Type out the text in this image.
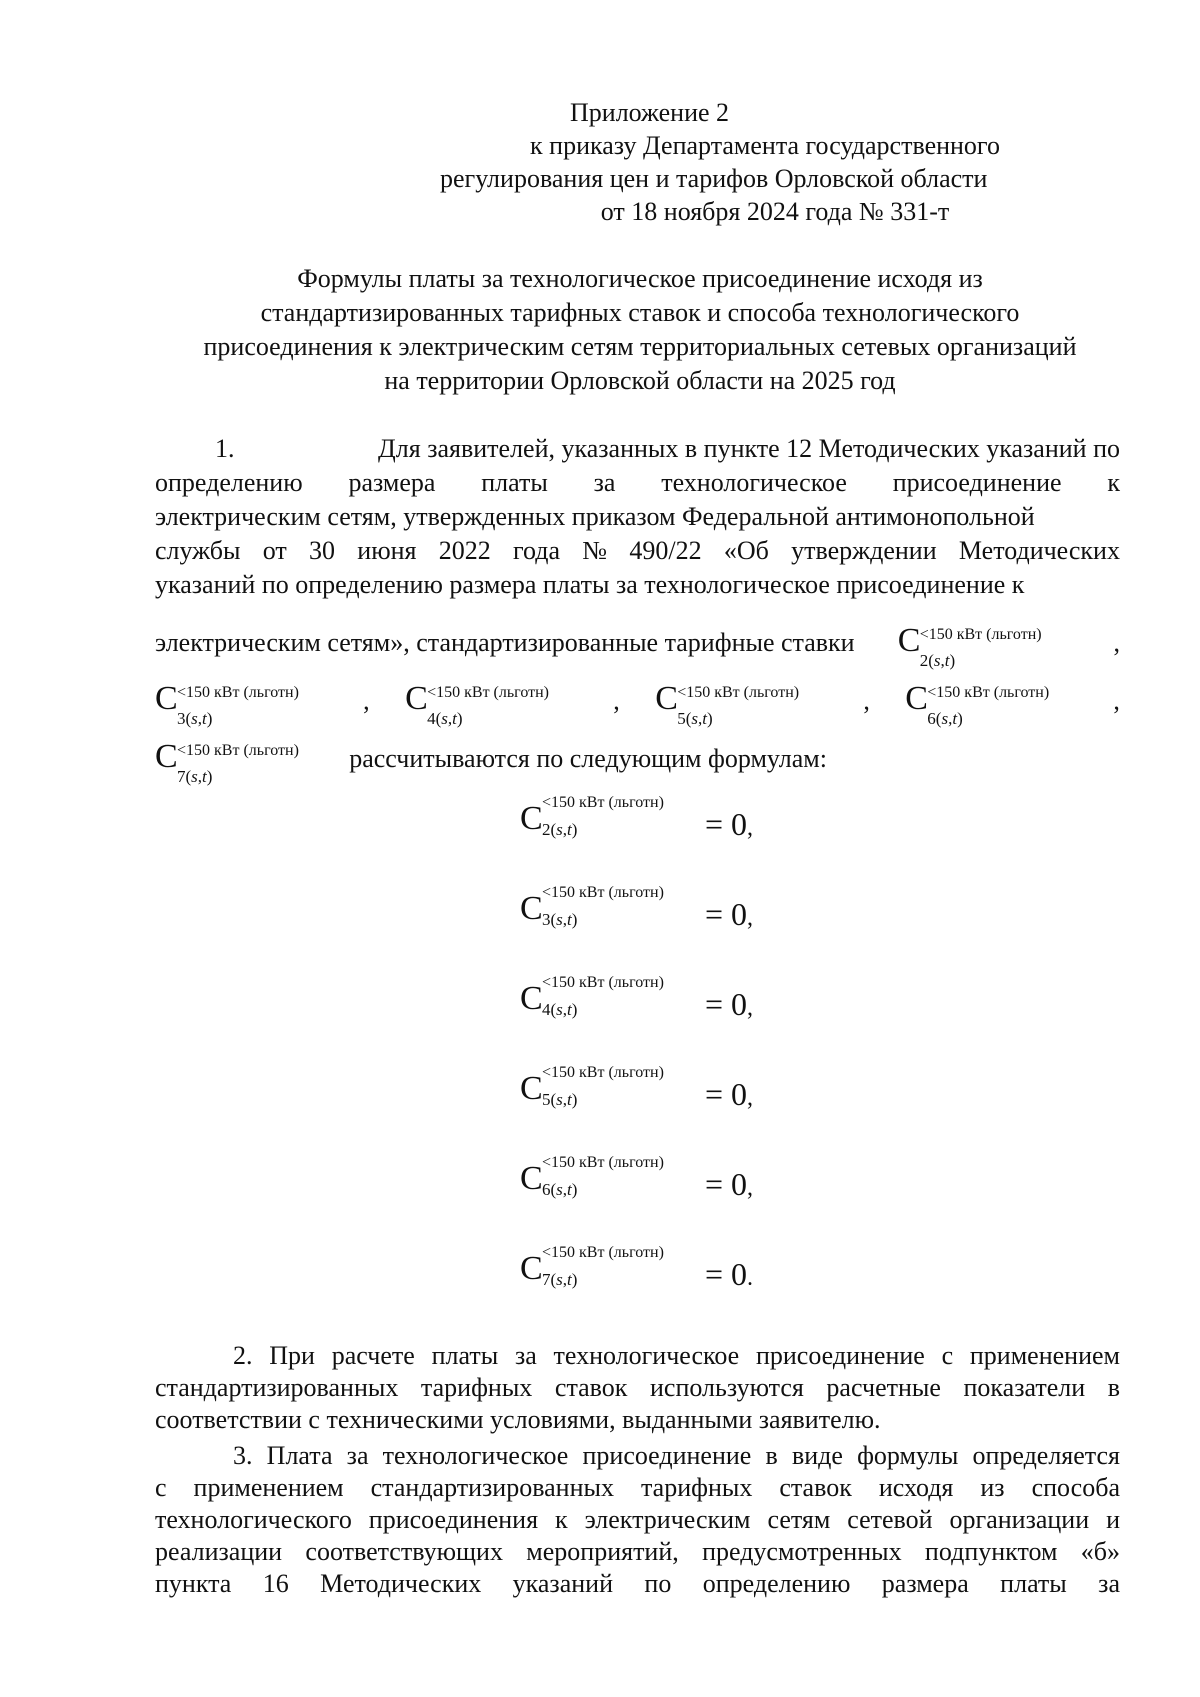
Приложение 2
к приказу Департамента государственного
регулирования цен и тарифов Орловской области
от 18 ноября 2024 года № 331-т
Формулы платы за технологическое присоединение исходя из
стандартизированных тарифных ставок и способа технологического
присоединения к электрическим сетям территориальных сетевых организаций
на территории Орловской области на 2025 год
1.	Для заявителей, указанных в пункте 12 Методических указаний по
определению размера платы за технологическое присоединение к
электрическим сетям, утвержденных приказом Федеральной антимонопольной
службы от 30 июня 2022 года № 490/22 «Об утверждении Методических
указаний по определению размера платы за технологическое присоединение к
электрическим сетям», стандартизированные тарифные ставки C <150 кВт (льготн)
2(s,t)
,
C <150 кВт (льготн)
3(s,t)
, C <150 кВт (льготн)
4(s,t)
, C <150 кВт (льготн)
5(s,t)
, C <150 кВт (льготн)
6(s,t)
,
C <150 кВт (льготн)
7(s,t)
рассчитываются по следующим формулам:
C <150 кВт (льготн)
2(s,t)	= 0,
C <150 кВт (льготн)
3(s,t)	= 0,
C <150 кВт (льготн)
4(s,t)	= 0,
C <150 кВт (льготн)
5(s,t)	= 0,
C <150 кВт (льготн)
6(s,t)	= 0,
C <150 кВт (льготн)
7(s,t)	= 0.
2. При расчете платы за технологическое присоединение с применением
стандартизированных тарифных ставок используются расчетные показатели в
соответствии с техническими условиями, выданными заявителю.
3. Плата за технологическое присоединение в виде формулы определяется
с применением стандартизированных тарифных ставок исходя из способа
технологического присоединения к электрическим сетям сетевой организации и
реализации соответствующих мероприятий, предусмотренных подпунктом «б»
пункта 16 Методических указаний по определению размера платы за
